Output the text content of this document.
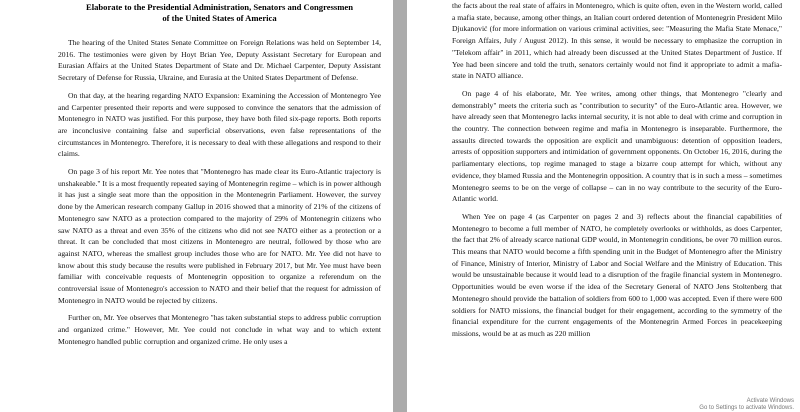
Elaborate to the Presidential Administration, Senators and Congressmen
of the United States of America

The hearing of the United States Senate Committee on Foreign Relations was held on September 14, 2016. The testimonies were given by Hoyt Brian Yee, Deputy Assistant Secretary for European and Eurasian Affairs at the United States Department of State and Dr. Michael Carpenter, Deputy Assistant Secretary of Defense for Russia, Ukraine, and Eurasia at the United States Department of Defense.

On that day, at the hearing regarding NATO Expansion: Examining the Accession of Montenegro Yee and Carpenter presented their reports and were supposed to convince the senators that the admission of Montenegro in NATO was justified. For this purpose, they have both filed six-page reports. Both reports are inconclusive containing false and superficial observations, even false representations of the circumstances in Montenegro. Therefore, it is necessary to deal with these allegations and respond to their claims.

On page 3 of his report Mr. Yee notes that "Montenegro has made clear its Euro-Atlantic trajectory is unshakeable." It is a most frequently repeated saying of Montenegrin regime – which is in power although it has just a single seat more than the opposition in the Montenegrin Parliament. However, the survey done by the American research company Gallup in 2016 showed that a minority of 21% of the citizens of Montenegro saw NATO as a protection compared to the majority of 29% of Montenegrin citizens who saw NATO as a threat and even 35% of the citizens who did not see NATO either as a protection or a threat. It can be concluded that most citizens in Montenegro are neutral, followed by those who are against NATO, whereas the smallest group includes those who are for NATO. Mr. Yee did not have to know about this study because the results were published in February 2017, but Mr. Yee must have been familiar with conceivable requests of Montenegrin opposition to organize a referendum on the controversial issue of Montenegro's accession to NATO and their belief that the request for admission of Montenegro in NATO would be rejected by citizens.

Further on, Mr. Yee observes that Montenegro "has taken substantial steps to address public corruption and organized crime." However, Mr. Yee could not conclude in what way and to which extent Montenegro handled public corruption and organized crime. He only uses a

the facts about the real state of affairs in Montenegro, which is quite often, even in the Western world, called a mafia state, because, among other things, an Italian court ordered detention of Montenegrin President Milo Djukanović (for more information on various criminal activities, see: "Measuring the Mafia State Menace," Foreign Affairs, July / August 2012). In this sense, it would be necessary to emphasize the corruption in "Telekom affair" in 2011, which had already been discussed at the United States Department of Justice. If Yee had been sincere and told the truth, senators certainly would not find it appropriate to admit a mafia-state in NATO alliance.

On page 4 of his elaborate, Mr. Yee writes, among other things, that Montenegro "clearly and demonstrably" meets the criteria such as "contribution to security" of the Euro-Atlantic area. However, we have already seen that Montenegro lacks internal security, it is not able to deal with crime and corruption in the country. The connection between regime and mafia in Montenegro is inseparable. Furthermore, the assaults directed towards the opposition are explicit and unambiguous: detention of opposition leaders, arrests of opposition supporters and intimidation of government opponents. On October 16, 2016, during the parliamentary elections, top regime managed to stage a bizarre coup attempt for which, without any evidence, they blamed Russia and the Montenegrin opposition. A country that is in such a mess – sometimes Montenegro seems to be on the verge of collapse – can in no way contribute to the security of the Euro-Atlantic world.

When Yee on page 4 (as Carpenter on pages 2 and 3) reflects about the financial capabilities of Montenegro to become a full member of NATO, he completely overlooks or withholds, as does Carpenter, the fact that 2% of already scarce national GDP would, in Montenegrin conditions, be over 70 million euros. This means that NATO would become a fifth spending unit in the Budget of Montenegro after the Ministry of Finance, Ministry of Interior, Ministry of Labor and Social Welfare and the Ministry of Education. This would be unsustainable because it would lead to a disruption of the fragile financial system in Montenegro. Opportunities would be even worse if the idea of the Secretary General of NATO Jens Stoltenberg that Montenegro should provide the battalion of soldiers from 600 to 1,000 was accepted. Even if there were 600 soldiers for NATO missions, the financial budget for their engagement, according to the symmetry of the financial expenditure for the current engagements of the Montenegrin Armed Forces in peacekeeping missions, would be at as much as 220 million

Activate Windows
Go to Settings to activate Windows.
